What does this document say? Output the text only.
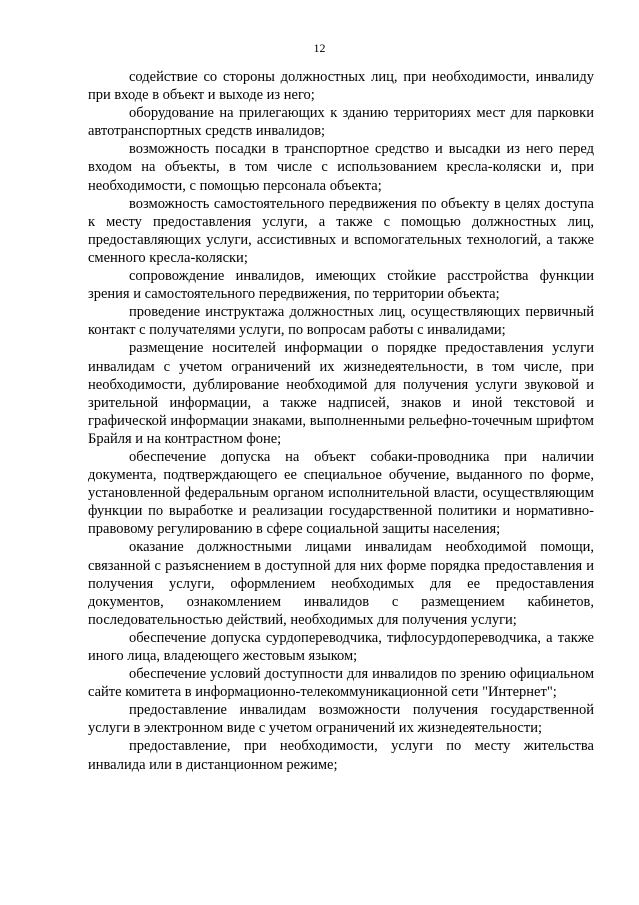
12

содействие со стороны должностных лиц, при необходимости, инвалиду при входе в объект и выходе из него;

оборудование на прилегающих к зданию территориях мест для парковки автотранспортных средств инвалидов;

возможность посадки в транспортное средство и высадки из него перед входом на объекты, в том числе с использованием кресла-коляски и, при необходимости, с помощью персонала объекта;

возможность самостоятельного передвижения по объекту в целях доступа к месту предоставления услуги, а также с помощью должностных лиц, предоставляющих услуги, ассистивных и вспомогательных технологий, а также сменного кресла-коляски;

сопровождение инвалидов, имеющих стойкие расстройства функции зрения и самостоятельного передвижения, по территории объекта;

проведение инструктажа должностных лиц, осуществляющих первичный контакт с получателями услуги, по вопросам работы с инвалидами;

размещение носителей информации о порядке предоставления услуги инвалидам с учетом ограничений их жизнедеятельности, в том числе, при необходимости, дублирование необходимой для получения услуги звуковой и зрительной информации, а также надписей, знаков и иной текстовой и графической информации знаками, выполненными рельефно-точечным шрифтом Брайля и на контрастном фоне;

обеспечение допуска на объект собаки-проводника при наличии документа, подтверждающего ее специальное обучение, выданного по форме, установленной федеральным органом исполнительной власти, осуществляющим функции по выработке и реализации государственной политики и нормативно-правовому регулированию в сфере социальной защиты населения;

оказание должностными лицами инвалидам необходимой помощи, связанной с разъяснением в доступной для них форме порядка предоставления и получения услуги, оформлением необходимых для ее предоставления документов, ознакомлением инвалидов с размещением кабинетов, последовательностью действий, необходимых для получения услуги;

обеспечение допуска сурдопереводчика, тифлосурдопереводчика, а также иного лица, владеющего жестовым языком;

обеспечение условий доступности для инвалидов по зрению официальном сайте комитета в информационно-телекоммуникационной сети "Интернет";

предоставление инвалидам возможности получения государственной услуги в электронном виде с учетом ограничений их жизнедеятельности;

предоставление, при необходимости, услуги по месту жительства инвалида или в дистанционном режиме;
